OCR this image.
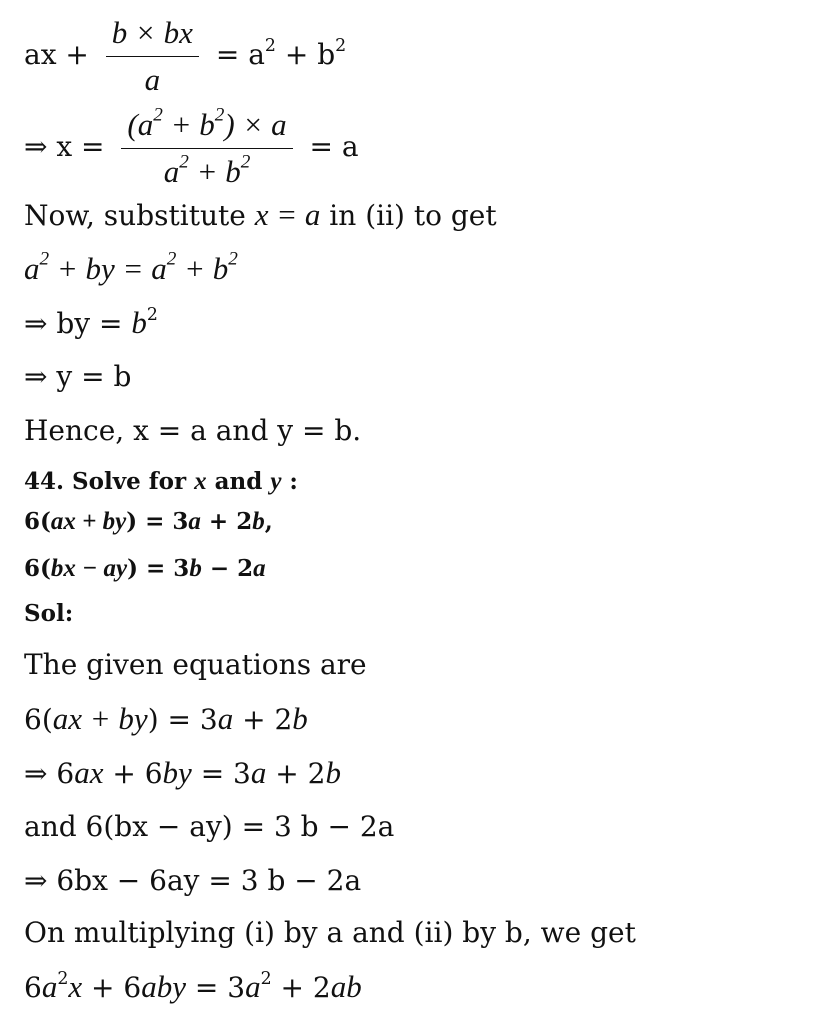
ax + $\frac{b \times bx}{a} = a^2 + b^2$
⇒ $x = \frac{(a^2 + b^2) \times a}{a^2 + b^2} = a$
Now, substitute x = a in (ii) to get
$a^2$ + by = $a^2 + b^2$
⇒ by = $b^2$
⇒ y = b
Hence, x = a and y = b.
44. Solve for x and y :
6(ax + by) = 3a + 2b,
6(bx − ay) = 3b − 2a
Sol:
The given equations are
6(ax + by) = 3a + 2b
⇒ 6ax + 6by = 3a + 2b
and 6(bx − ay) = 3 b − 2a
⇒ 6bx − 6ay = 3 b − 2a
On multiplying (i) by a and (ii) by b, we get
$6a^2x + 6aby = 3a^2 + 2ab$
